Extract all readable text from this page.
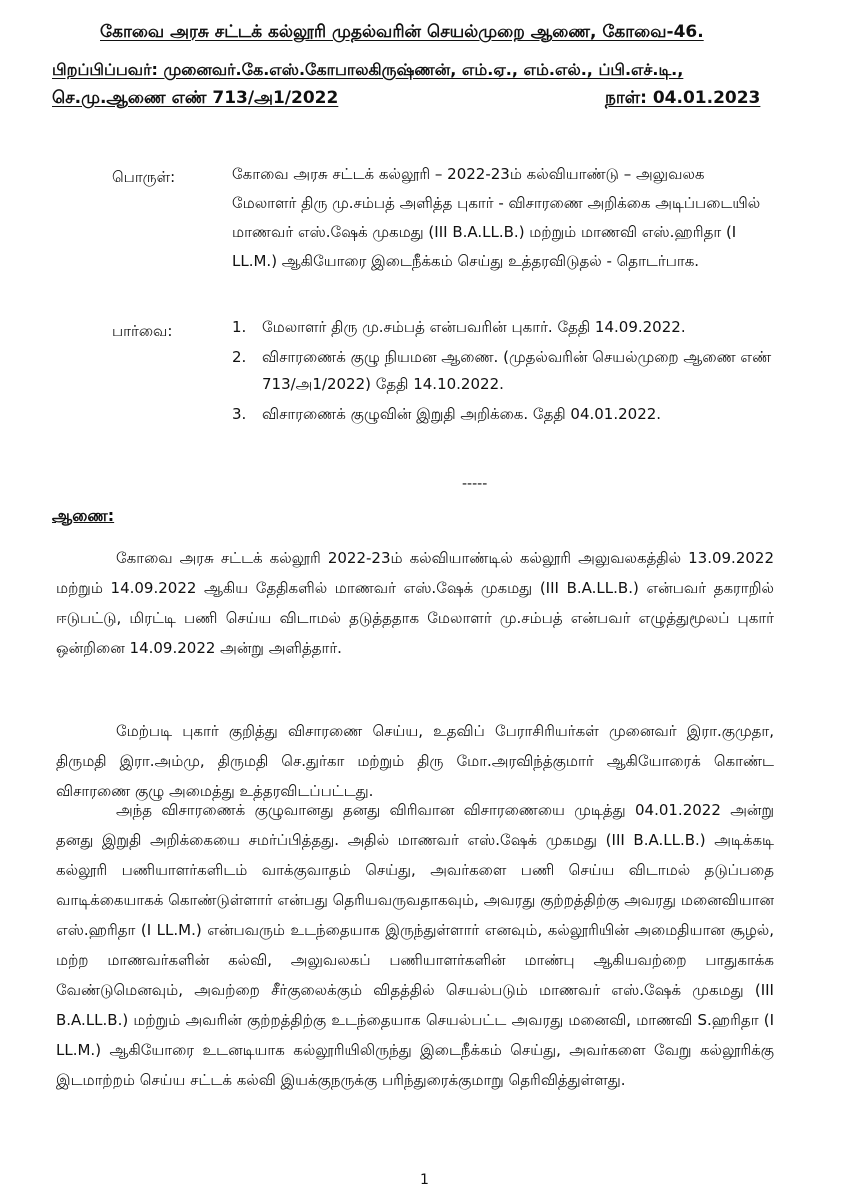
கோவை அரசு சட்டக் கல்லூரி முதல்வரின் செயல்முறை ஆணை, கோவை-46.
பிறப்பிப்பவர்: முனைவர்.கே.எஸ்.கோபாலகிருஷ்ணன், எம்.ஏ., எம்.எல்., ப்பி.எச்.டி.,
செ.மு.ஆணை எண் 713/அ1/2022	நாள்: 04.01.2023
பொருள்:	கோவை அரசு சட்டக் கல்லூரி – 2022-23ம் கல்வியாண்டு – அலுவலக மேலாளர் திரு மு.சம்பத் அளித்த புகார் - விசாரணை அறிக்கை அடிப்படையில் மாணவர் எஸ்.ஷேக் முகமது (III B.A.LL.B.) மற்றும் மாணவி எஸ்.ஹரிதா (I LL.M.) ஆகியோரை இடைநீக்கம் செய்து உத்தரவிடுதல் - தொடர்பாக.
பார்வை:	1. மேலாளர் திரு மு.சம்பத் என்பவரின் புகார். தேதி 14.09.2022.
2. விசாரணைக் குழு நியமன ஆணை. (முதல்வரின் செயல்முறை ஆணை எண் 713/அ1/2022) தேதி 14.10.2022.
3. விசாரணைக் குழுவின் இறுதி அறிக்கை. தேதி 04.01.2022.
-----
ஆணை:

கோவை அரசு சட்டக் கல்லூரி 2022-23ம் கல்வியாண்டில் கல்லூரி அலுவலகத்தில் 13.09.2022 மற்றும் 14.09.2022 ஆகிய தேதிகளில் மாணவர் எஸ்.ஷேக் முகமது (III B.A.LL.B.) என்பவர் தகராறில் ஈடுபட்டு, மிரட்டி பணி செய்ய விடாமல் தடுத்ததாக மேலாளர் மு.சம்பத் என்பவர் எழுத்துமூலப் புகார் ஒன்றினை 14.09.2022 அன்று அளித்தார்.

மேற்படி புகார் குறித்து விசாரணை செய்ய, உதவிப் பேராசிரியர்கள் முனைவர் இரா.குமுதா, திருமதி இரா.அம்மு, திருமதி செ.துர்கா மற்றும் திரு மோ.அரவிந்த்குமார் ஆகியோரைக் கொண்ட விசாரணை குழு அமைத்து உத்தரவிடப்பட்டது.

அந்த விசாரணைக் குழுவானது தனது விரிவான விசாரணையை முடித்து 04.01.2022 அன்று தனது இறுதி அறிக்கையை சமர்ப்பித்தது. அதில் மாணவர் எஸ்.ஷேக் முகமது (III B.A.LL.B.) அடிக்கடி கல்லூரி பணியாளர்களிடம் வாக்குவாதம் செய்து, அவர்களை பணி செய்ய விடாமல் தடுப்பதை வாடிக்கையாகக் கொண்டுள்ளார் என்பது தெரியவருவதாகவும், அவரது குற்றத்திற்கு அவரது மனைவியான எஸ்.ஹரிதா (I LL.M.) என்பவரும் உடந்தையாக இருந்துள்ளார் எனவும், கல்லூரியின் அமைதியான சூழல், மற்ற மாணவர்களின் கல்வி, அலுவலகப் பணியாளர்களின் மாண்பு ஆகியவற்றை பாதுகாக்க வேண்டுமெனவும், அவற்றை சீர்குலைக்கும் விதத்தில் செயல்படும் மாணவர் எஸ்.ஷேக் முகமது (III B.A.LL.B.) மற்றும் அவரின் குற்றத்திற்கு உடந்தையாக செயல்பட்ட அவரது மனைவி, மாணவி S.ஹரிதா (I LL.M.) ஆகியோரை உடனடியாக கல்லூரியிலிருந்து இடைநீக்கம் செய்து, அவர்களை வேறு கல்லூரிக்கு இடமாற்றம் செய்ய சட்டக் கல்வி இயக்குநருக்கு பரிந்துரைக்குமாறு தெரிவித்துள்ளது.

1
